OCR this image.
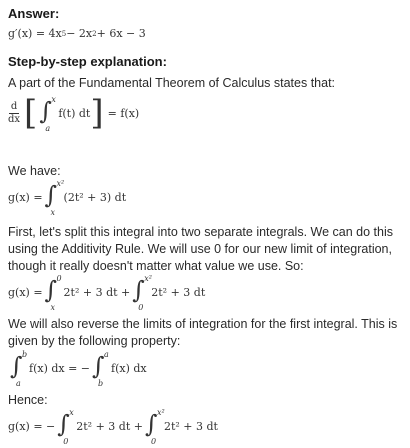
Answer:
g′(x) = 4x 5 − 2x 2 + 6x − 3
Step-by-step explanation:
A part of the Fundamental Theorem of Calculus states that:
$\frac{d}{dx}$ [ ∫ x
a
f(t) dt ] = f(x)
We have:
g(x) = ∫ x²
x
(2t² + 3) dt
First, let's split this integral into two separate integrals. We can do this using the Additivity Rule. We will use 0 for our new limit of integration, though it really doesn't matter what value we use. So:
g(x) = ∫ 0
x
2t² + 3 dt + ∫ x²
0
2t² + 3 dt
We will also reverse the limits of integration for the first integral. This is given by the following property:
∫ b
a
f(x) dx = − ∫ a
b
f(x) dx
Hence:
g(x) = − ∫ x
0
2t² + 3 dt + ∫ x²
0
2t² + 3 dt
